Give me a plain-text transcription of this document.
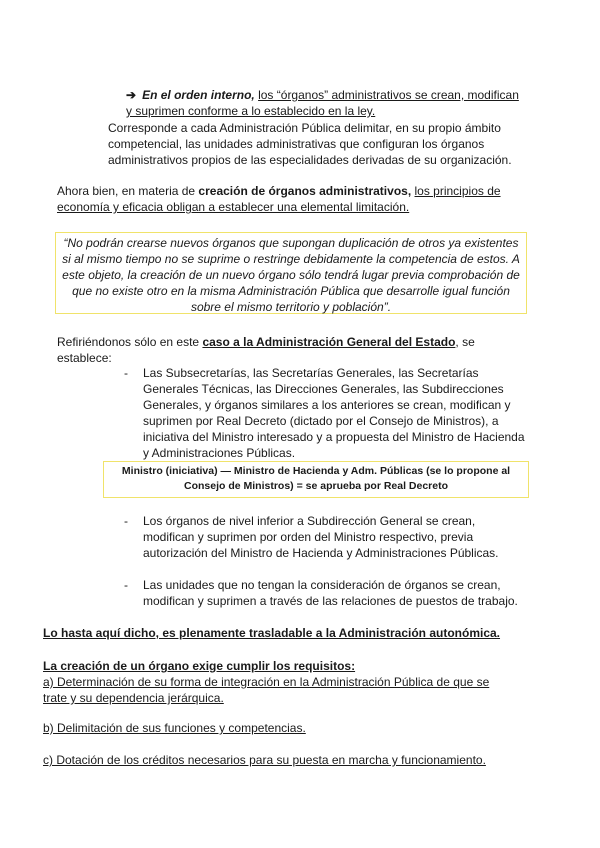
➔ En el orden interno, los “órganos” administrativos se crean, modifican y suprimen conforme a lo establecido en la ley.
Corresponde a cada Administración Pública delimitar, en su propio ámbito competencial, las unidades administrativas que configuran los órganos administrativos propios de las especialidades derivadas de su organización.
Ahora bien, en materia de creación de órganos administrativos, los principios de economía y eficacia obligan a establecer una elemental limitación.
“No podrán crearse nuevos órganos que supongan duplicación de otros ya existentes si al mismo tiempo no se suprime o restringe debidamente la competencia de estos. A este objeto, la creación de un nuevo órgano sólo tendrá lugar previa comprobación de que no existe otro en la misma Administración Pública que desarrolle igual función sobre el mismo territorio y población”.
Refiriéndonos sólo en este caso a la Administración General del Estado, se establece:
- Las Subsecretarías, las Secretarías Generales, las Secretarías Generales Técnicas, las Direcciones Generales, las Subdirecciones Generales, y órganos similares a los anteriores se crean, modifican y suprimen por Real Decreto (dictado por el Consejo de Ministros), a iniciativa del Ministro interesado y a propuesta del Ministro de Hacienda y Administraciones Públicas.
Ministro (iniciativa) — Ministro de Hacienda y Adm. Públicas (se lo propone al Consejo de Ministros) = se aprueba por Real Decreto
- Los órganos de nivel inferior a Subdirección General se crean, modifican y suprimen por orden del Ministro respectivo, previa autorización del Ministro de Hacienda y Administraciones Públicas.
- Las unidades que no tengan la consideración de órganos se crean, modifican y suprimen a través de las relaciones de puestos de trabajo.
Lo hasta aquí dicho, es plenamente trasladable a la Administración autonómica.
La creación de un órgano exige cumplir los requisitos:
a) Determinación de su forma de integración en la Administración Pública de que se trate y su dependencia jerárquica.
b) Delimitación de sus funciones y competencias.
c) Dotación de los créditos necesarios para su puesta en marcha y funcionamiento.
